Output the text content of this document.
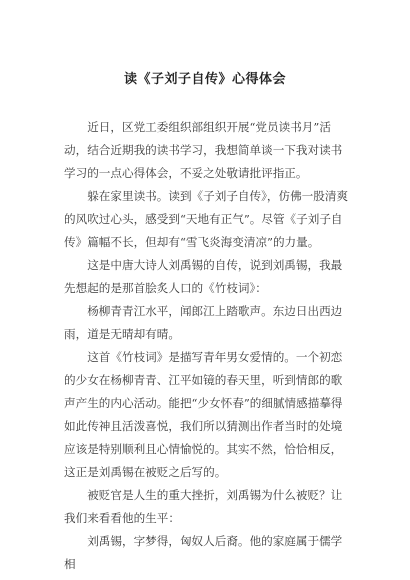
读《子刘子自传》心得体会

近日，区党工委组织部组织开展“党员读书月”活动，结合近期我的读书学习，我想简单谈一下我对读书学习的一点心得体会，不妥之处敬请批评指正。

躲在家里读书。读到《子刘子自传》，仿佛一股清爽的风吹过心头，感受到“天地有正气”。尽管《子刘子自传》篇幅不长，但却有“雪飞炎海变清凉”的力量。

这是中唐大诗人刘禹锡的自传，说到刘禹锡，我最先想起的是那首脍炙人口的《竹枝词》：

杨柳青青江水平，闻郎江上踏歌声。东边日出西边雨，道是无晴却有晴。

这首《竹枝词》是描写青年男女爱情的。一个初恋的少女在杨柳青青、江平如镜的春天里，听到情郎的歌声产生的内心活动。能把“少女怀春”的细腻情感描摹得如此传神且活泼喜悦，我们所以猜测出作者当时的处境应该是特别顺利且心情愉悦的。其实不然，恰恰相反，这正是刘禹锡在被贬之后写的。

被贬官是人生的重大挫折，刘禹锡为什么被贬？让我们来看看他的生平：

刘禹锡，字梦得，匈奴人后裔。他的家庭属于儒学相
